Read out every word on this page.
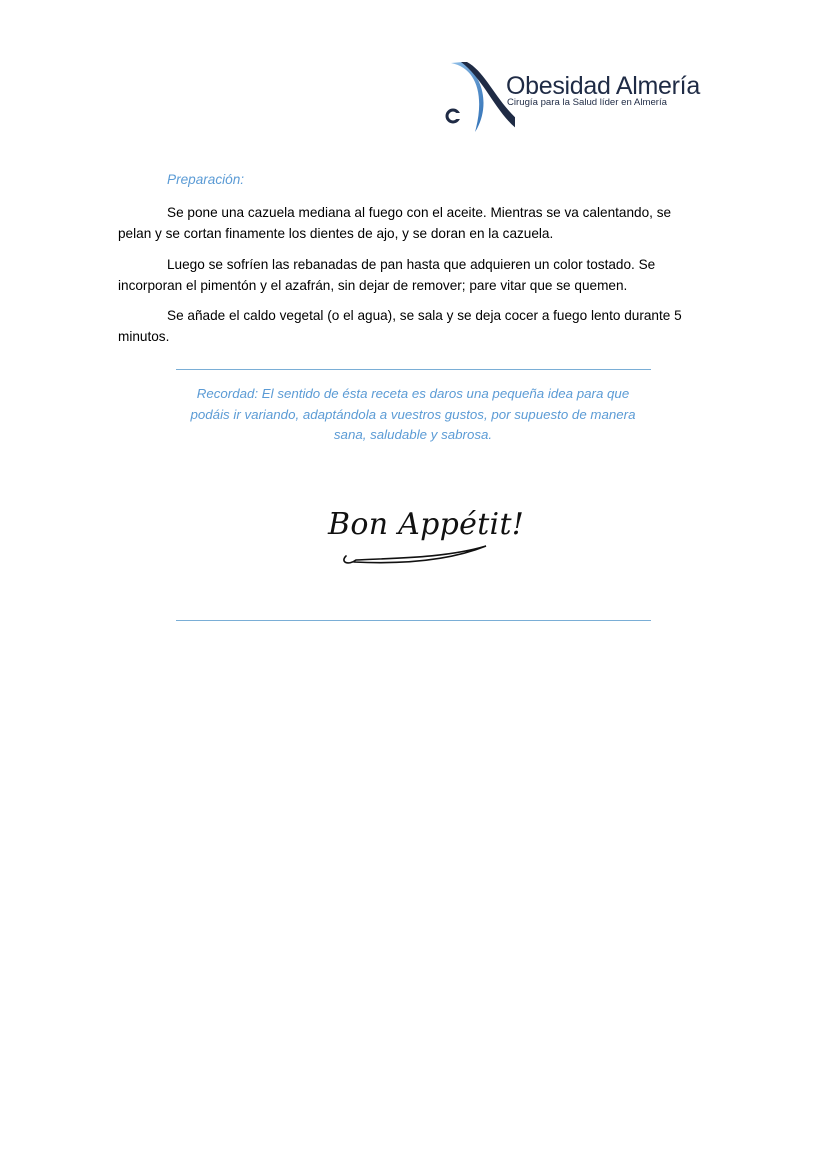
Obesidad Almería
Cirugía para la Salud líder en Almería
Preparación:

Se pone una cazuela mediana al fuego con el aceite. Mientras se va calentando, se pelan y se cortan finamente los dientes de ajo, y se doran en la cazuela.

Luego se sofríen las rebanadas de pan hasta que adquieren un color tostado. Se incorporan el pimentón y el azafrán, sin dejar de remover; pare vitar que se quemen.

Se añade el caldo vegetal (o el agua), se sala y se deja cocer a fuego lento durante 5 minutos.

Recordad: El sentido de ésta receta es daros una pequeña idea para que
podáis ir variando, adaptándola a vuestros gustos, por supuesto de manera
sana, saludable y sabrosa.

Bon Appétit!
